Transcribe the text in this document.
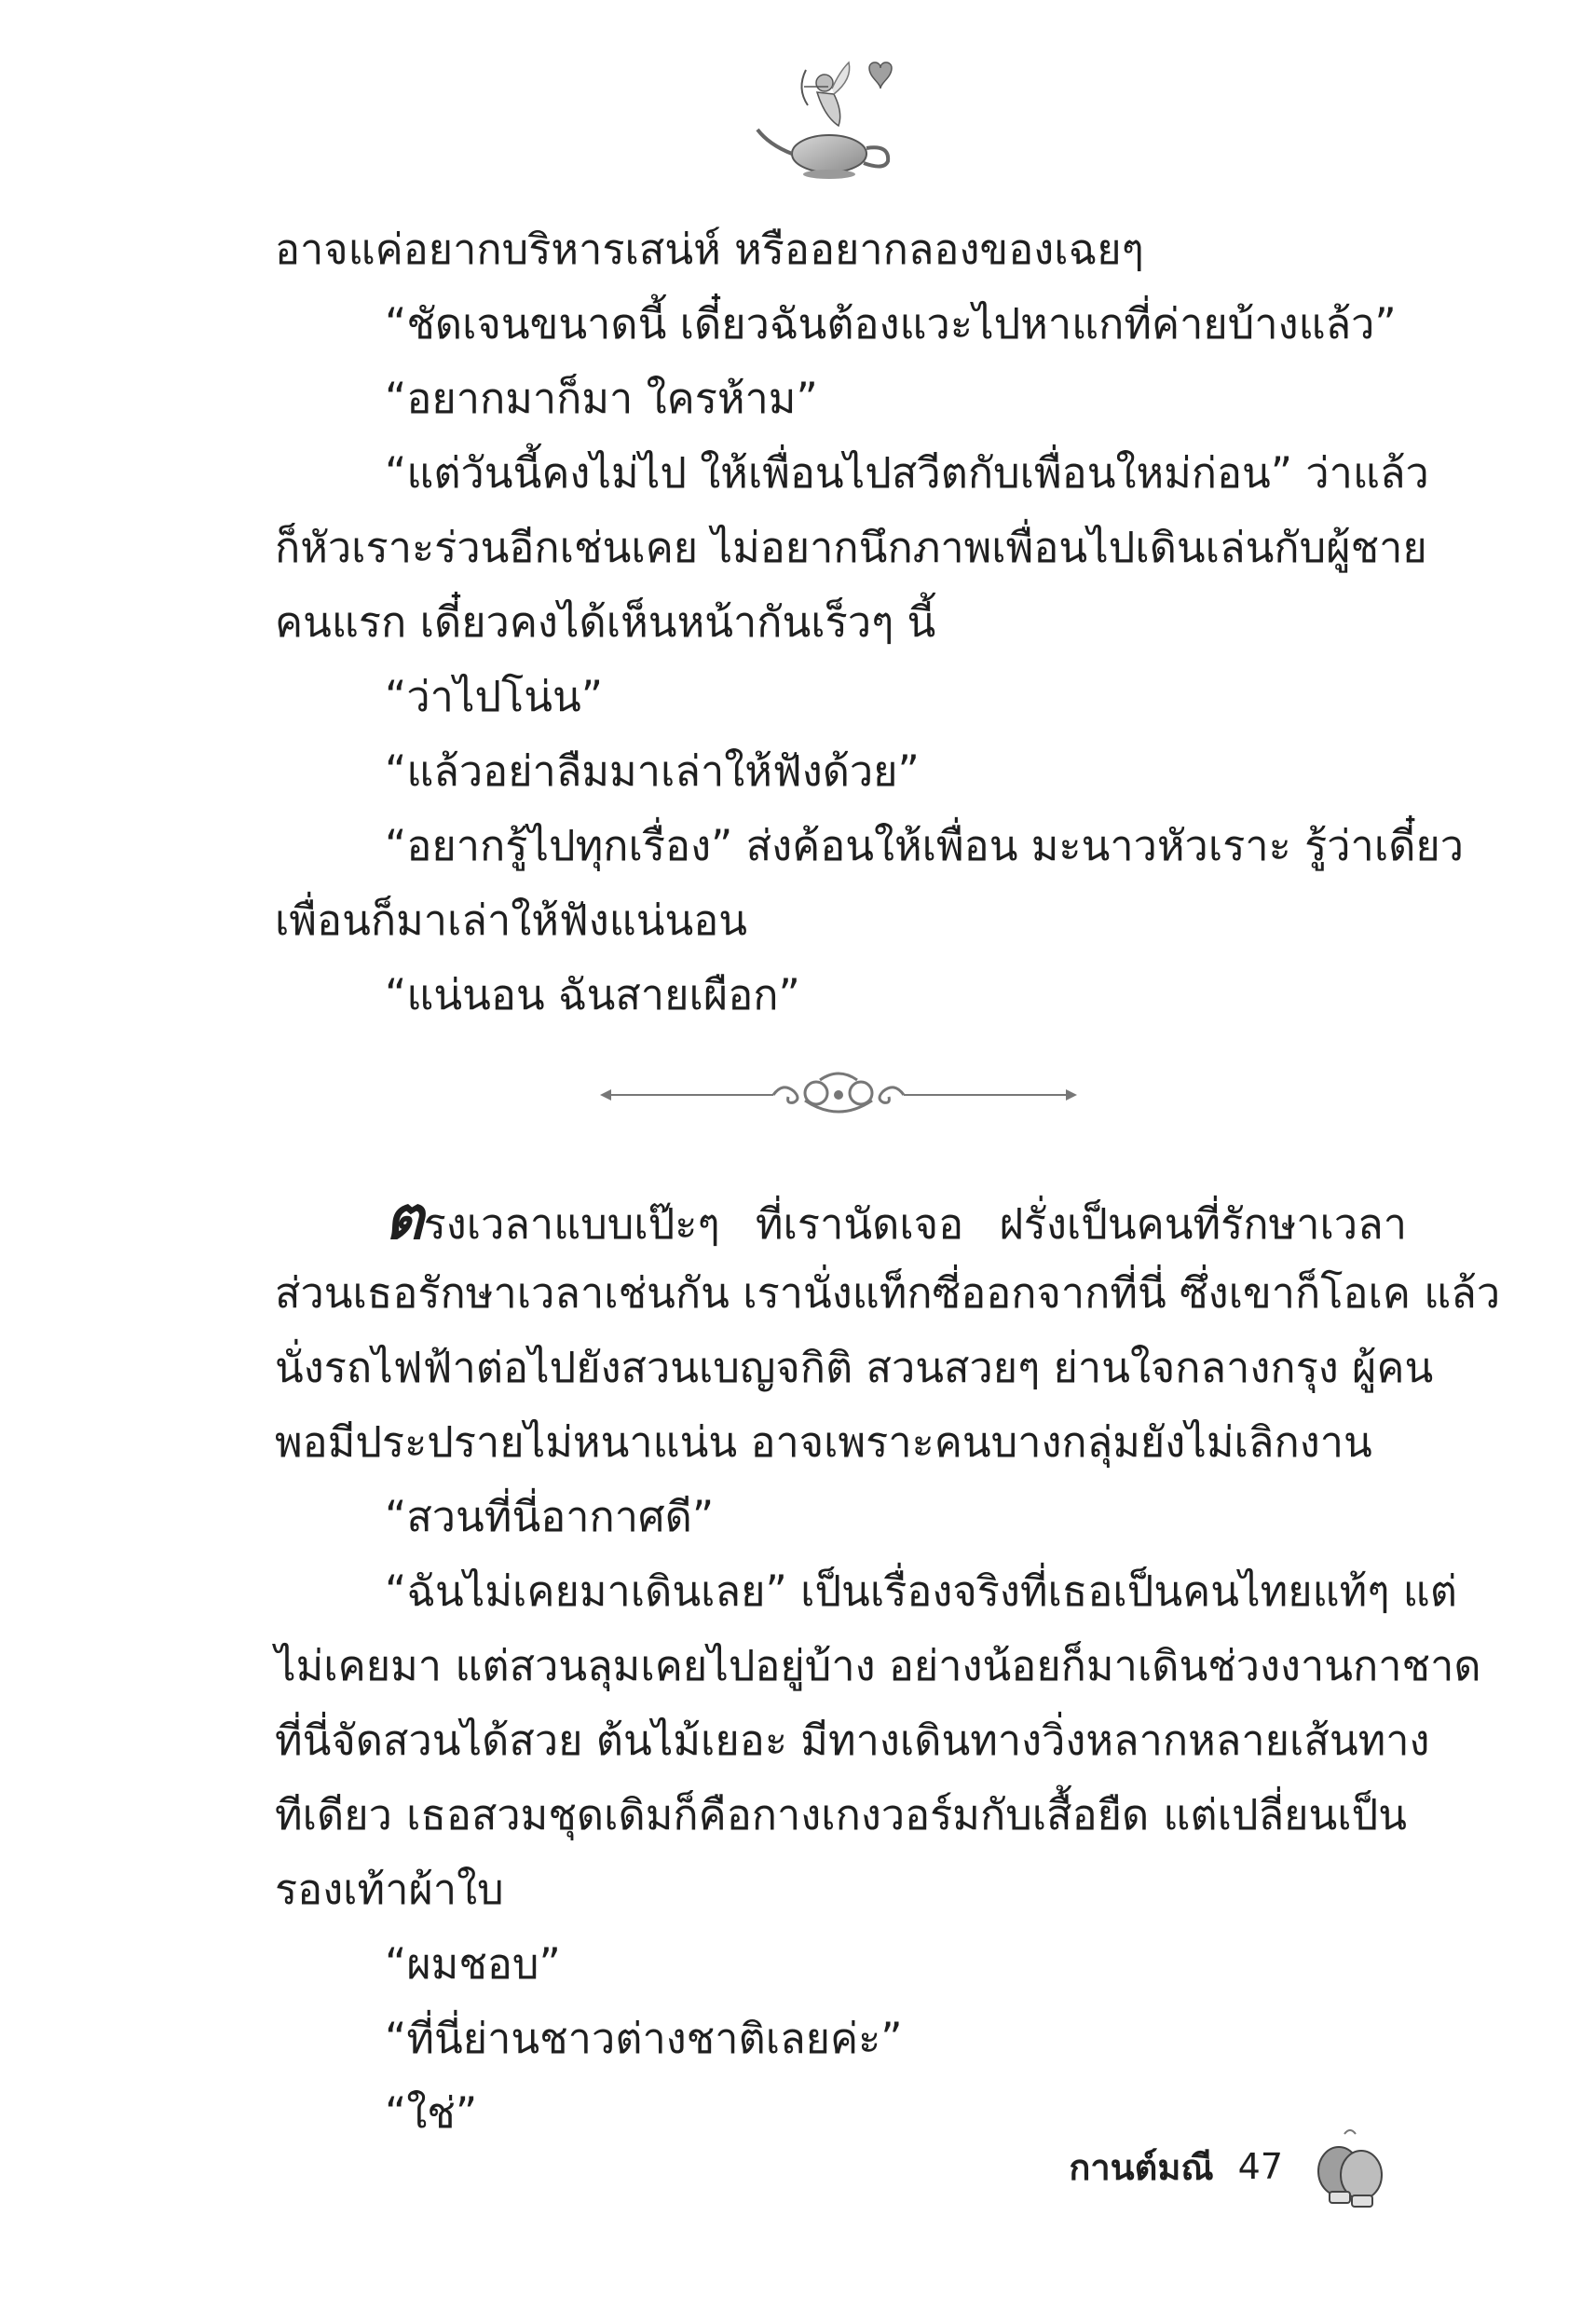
อาจแค่อยากบริหารเสน่ห์ หรืออยากลองของเฉยๆ

“ชัดเจนขนาดนี้ เดี๋ยวฉันต้องแวะไปหาแกที่ค่ายบ้างแล้ว”

“อยากมาก็มา ใครห้าม”

“แต่วันนี้คงไม่ไป ให้เพื่อนไปสวีตกับเพื่อนใหม่ก่อน” ว่าแล้ว

ก็หัวเราะร่วนอีกเช่นเคย ไม่อยากนึกภาพเพื่อนไปเดินเล่นกับผู้ชาย

คนแรก เดี๋ยวคงได้เห็นหน้ากันเร็วๆ นี้

“ว่าไปโน่น”

“แล้วอย่าลืมมาเล่าให้ฟังด้วย”

“อยากรู้ไปทุกเรื่อง” ส่งค้อนให้เพื่อน มะนาวหัวเราะ รู้ว่าเดี๋ยว

เพื่อนก็มาเล่าให้ฟังแน่นอน

“แน่นอน ฉันสายเผือก”

ตรงเวลาแบบเป๊ะๆ ที่เรานัดเจอ ฝรั่งเป็นคนที่รักษาเวลา

ส่วนเธอรักษาเวลาเช่นกัน เรานั่งแท็กซี่ออกจากที่นี่ ซึ่งเขาก็โอเค แล้ว

นั่งรถไฟฟ้าต่อไปยังสวนเบญจกิติ สวนสวยๆ ย่านใจกลางกรุง ผู้คน

พอมีประปรายไม่หนาแน่น อาจเพราะคนบางกลุ่มยังไม่เลิกงาน

“สวนที่นี่อากาศดี”

“ฉันไม่เคยมาเดินเลย” เป็นเรื่องจริงที่เธอเป็นคนไทยแท้ๆ แต่

ไม่เคยมา แต่สวนลุมเคยไปอยู่บ้าง อย่างน้อยก็มาเดินช่วงงานกาชาด

ที่นี่จัดสวนได้สวย ต้นไม้เยอะ มีทางเดินทางวิ่งหลากหลายเส้นทาง

ทีเดียว เธอสวมชุดเดิมก็คือกางเกงวอร์มกับเสื้อยืด แต่เปลี่ยนเป็น

รองเท้าผ้าใบ

“ผมชอบ”

“ที่นี่ย่านชาวต่างชาติเลยค่ะ”

“ใช่”

กานต์มณี 47
